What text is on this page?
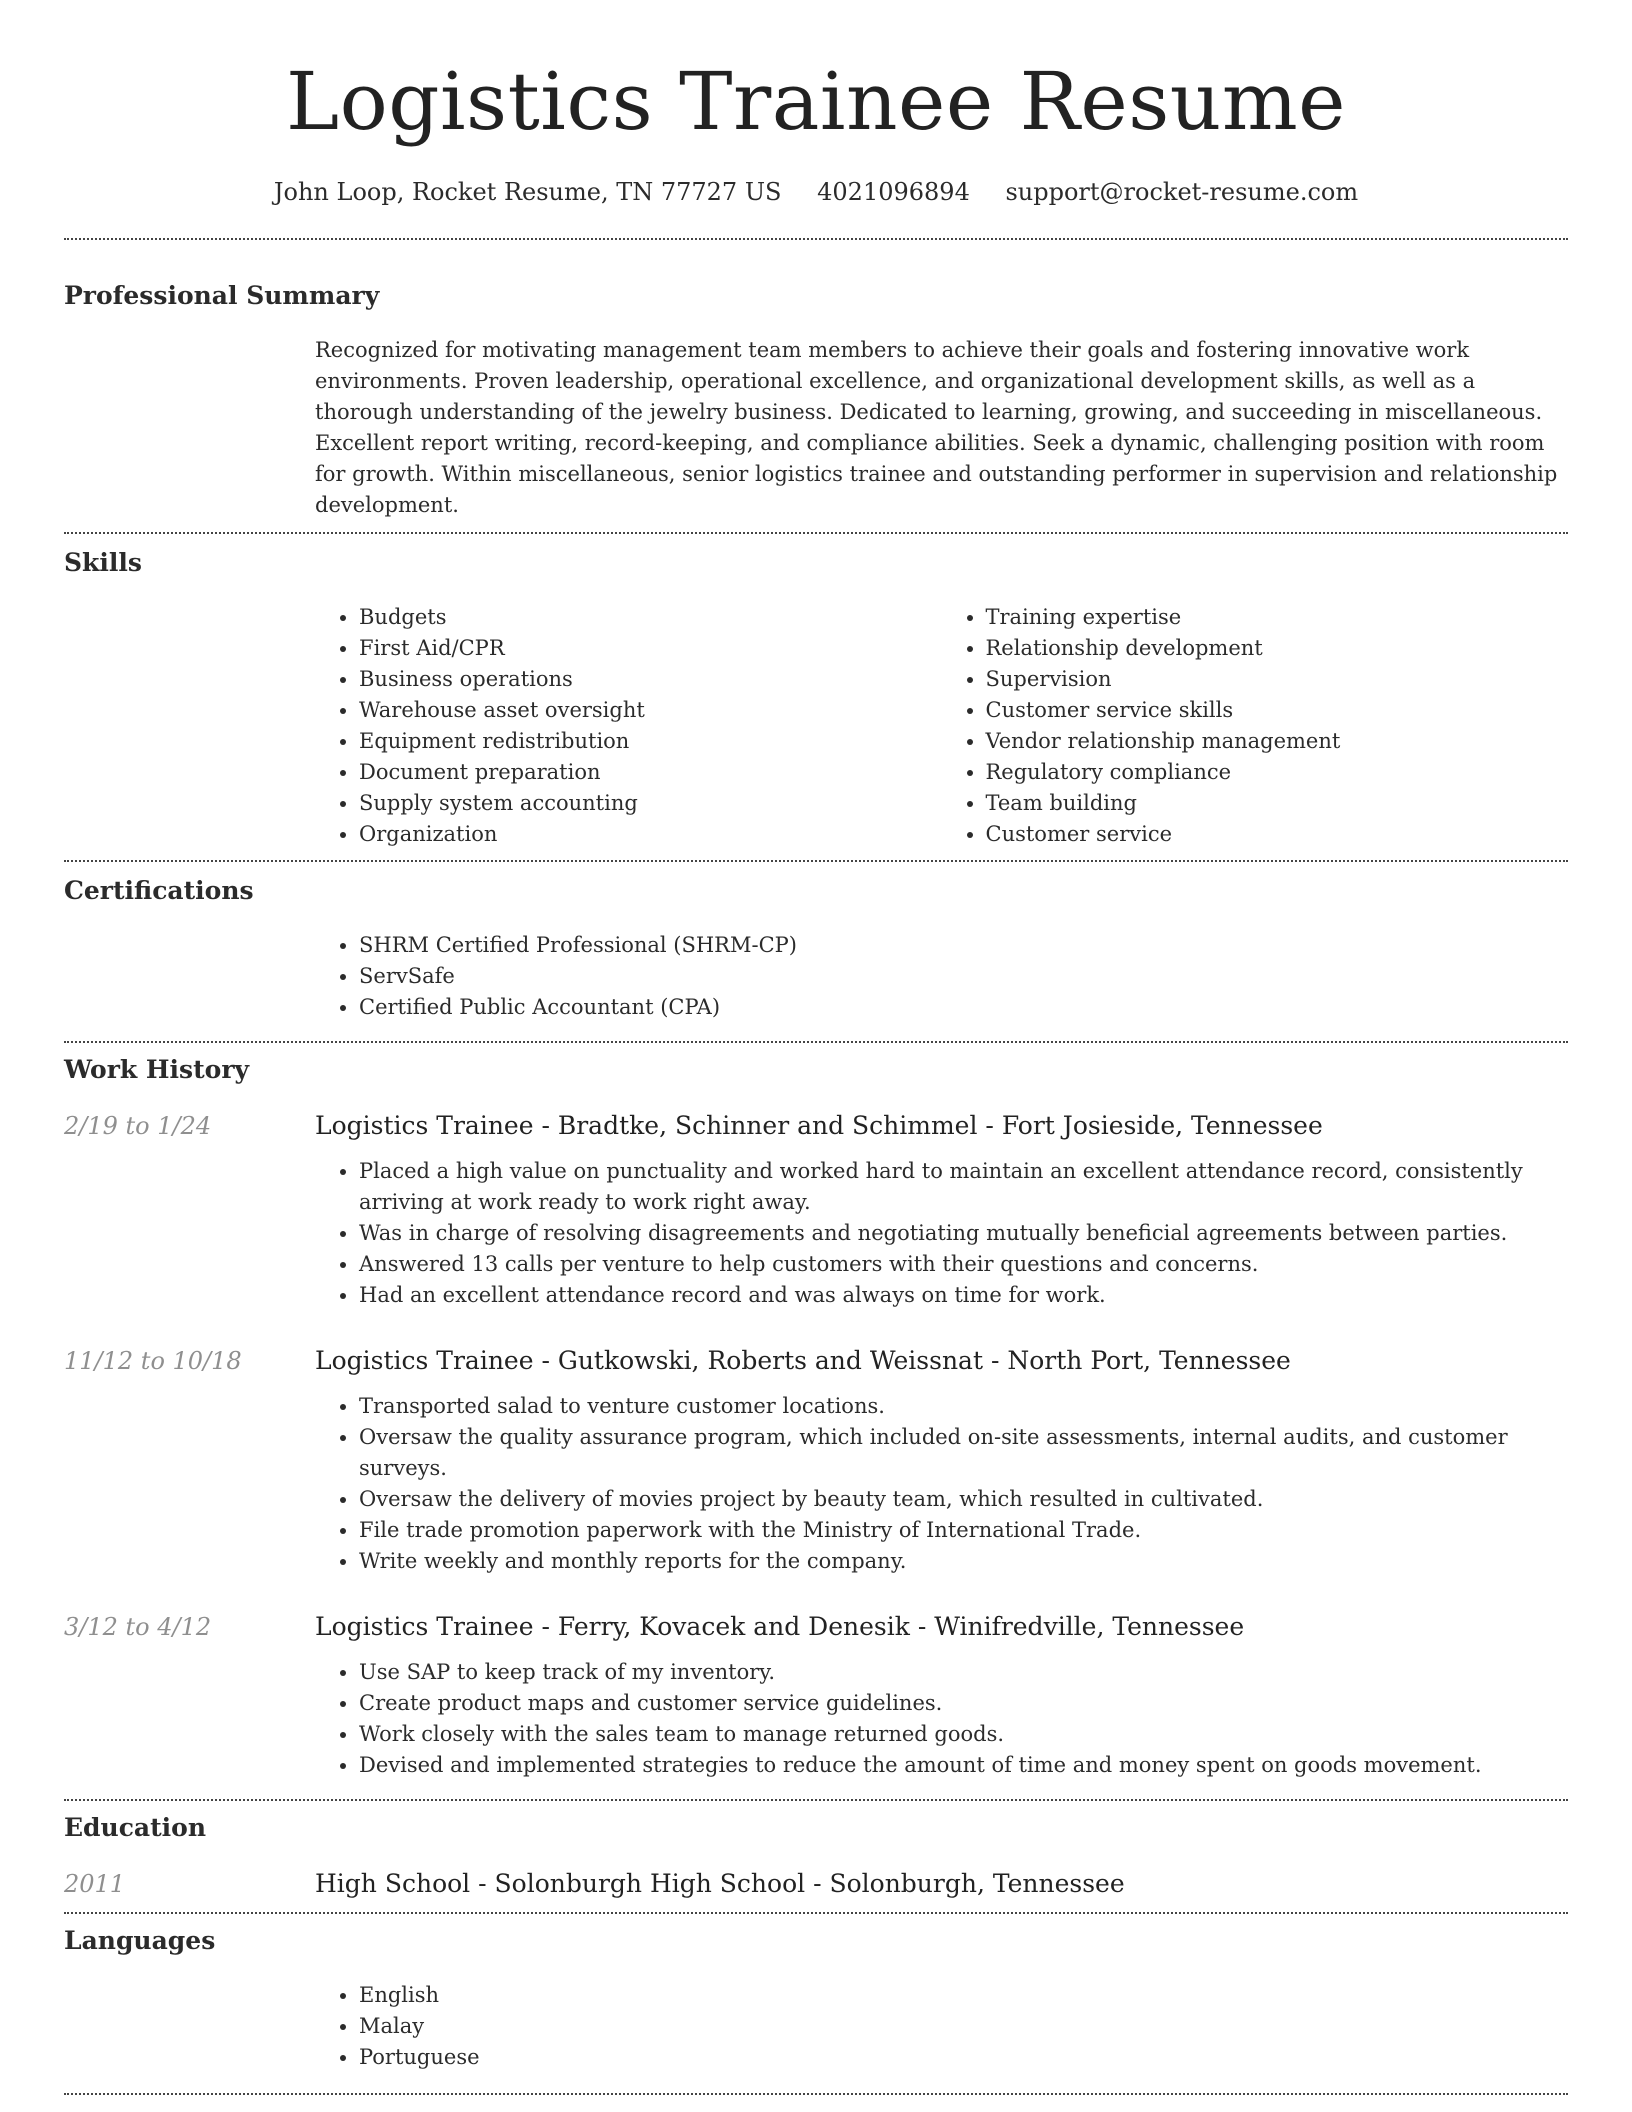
Logistics Trainee Resume
John Loop, Rocket Resume, TN 77727 US 4021096894 support@rocket-resume.com
Professional Summary

Recognized for motivating management team members to achieve their goals and fostering innovative work environments. Proven leadership, operational excellence, and organizational development skills, as well as a thorough understanding of the jewelry business. Dedicated to learning, growing, and succeeding in miscellaneous. Excellent report writing, record-keeping, and compliance abilities. Seek a dynamic, challenging position with room for growth. Within miscellaneous, senior logistics trainee and outstanding performer in supervision and relationship development.

Skills
• Budgets
• First Aid/CPR
• Business operations
• Warehouse asset oversight
• Equipment redistribution
• Document preparation
• Supply system accounting
• Organization
• Training expertise
• Relationship development
• Supervision
• Customer service skills
• Vendor relationship management
• Regulatory compliance
• Team building
• Customer service
Certifications
• SHRM Certified Professional (SHRM-CP)
• ServSafe
• Certified Public Accountant (CPA)
Work History
2/19 to 1/24	Logistics Trainee - Bradtke, Schinner and Schimmel - Fort Josieside, Tennessee
• Placed a high value on punctuality and worked hard to maintain an excellent attendance record, consistently arriving at work ready to work right away.
• Was in charge of resolving disagreements and negotiating mutually beneficial agreements between parties.
• Answered 13 calls per venture to help customers with their questions and concerns.
• Had an excellent attendance record and was always on time for work.
11/12 to 10/18	Logistics Trainee - Gutkowski, Roberts and Weissnat - North Port, Tennessee
• Transported salad to venture customer locations.
• Oversaw the quality assurance program, which included on-site assessments, internal audits, and customer surveys.
• Oversaw the delivery of movies project by beauty team, which resulted in cultivated.
• File trade promotion paperwork with the Ministry of International Trade.
• Write weekly and monthly reports for the company.
3/12 to 4/12	Logistics Trainee - Ferry, Kovacek and Denesik - Winifredville, Tennessee
• Use SAP to keep track of my inventory.
• Create product maps and customer service guidelines.
• Work closely with the sales team to manage returned goods.
• Devised and implemented strategies to reduce the amount of time and money spent on goods movement.
Education
2011	High School - Solonburgh High School - Solonburgh, Tennessee
Languages
• English
• Malay
• Portuguese
